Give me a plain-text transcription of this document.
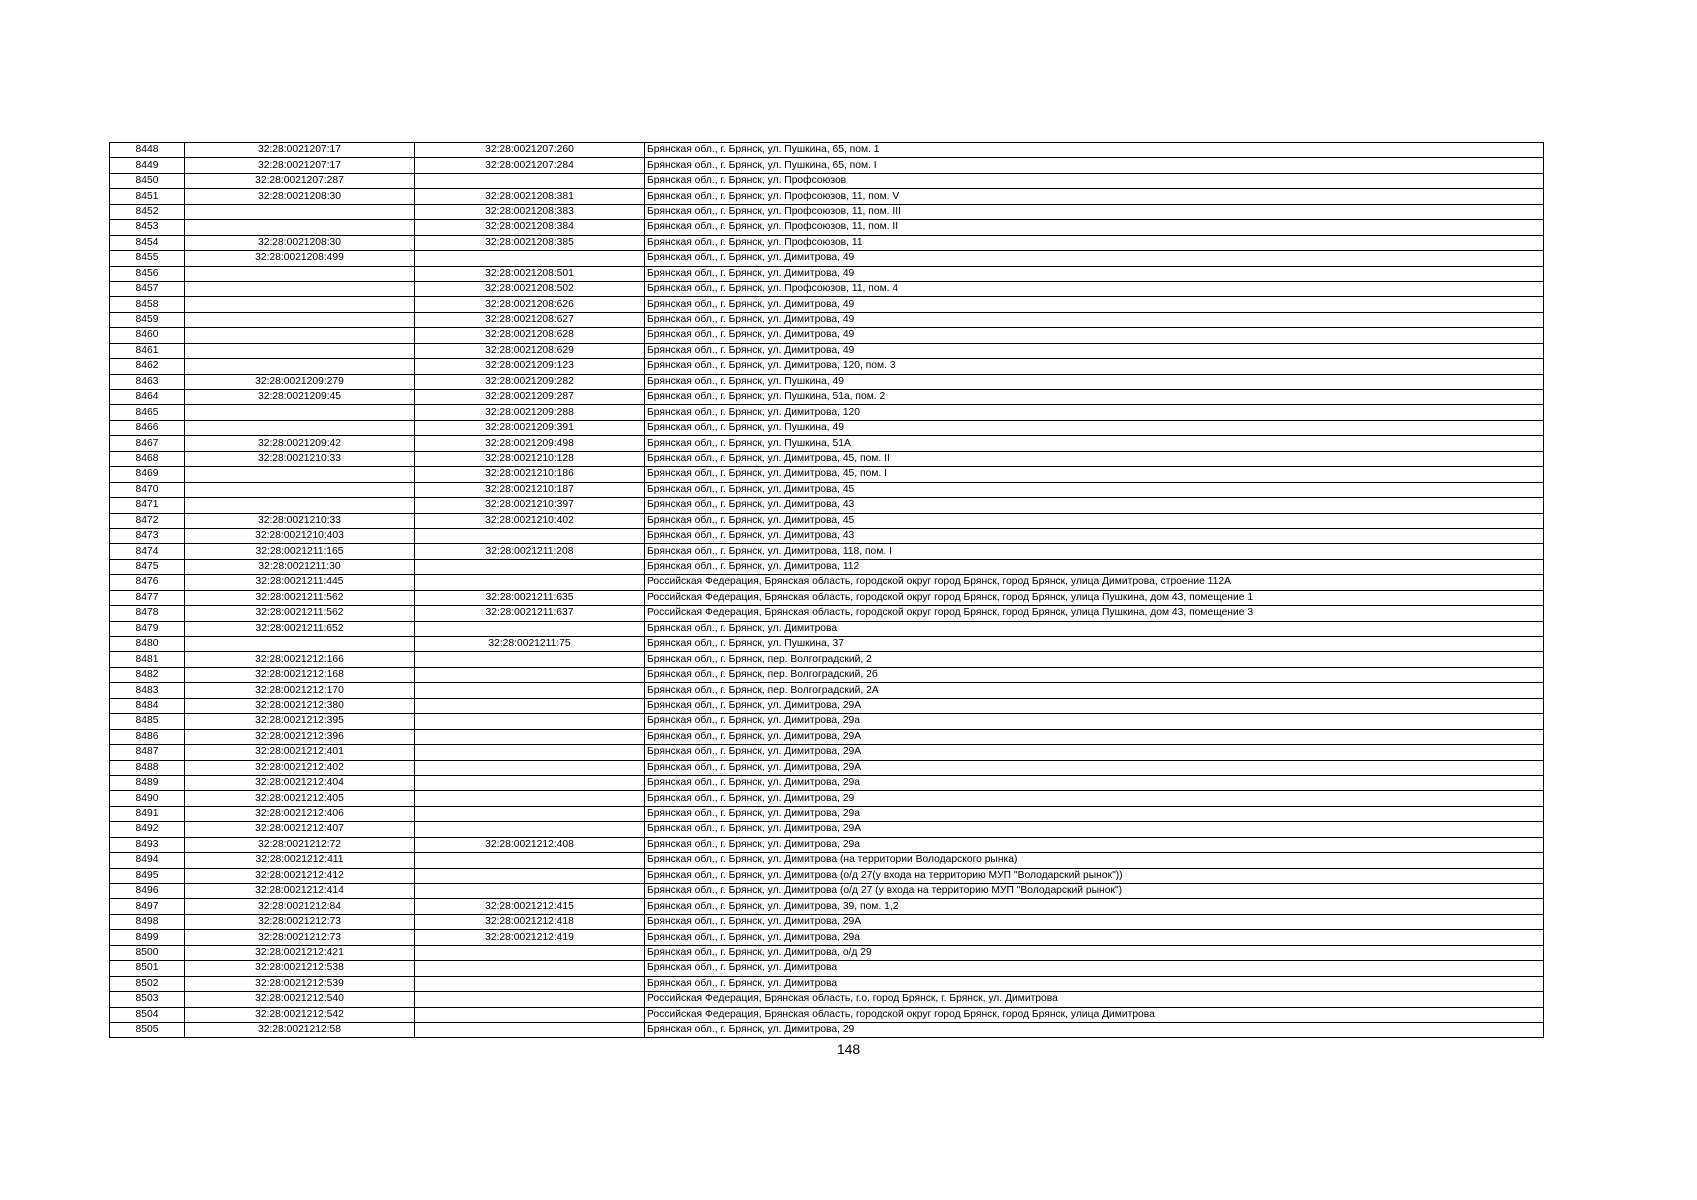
8448	32:28:0021207:17	32:28:0021207:260	Брянская обл., г. Брянск, ул. Пушкина, 65, пом. 1
8449	32:28:0021207:17	32:28:0021207:284	Брянская обл., г. Брянск, ул. Пушкина, 65, пом. I
8450	32:28:0021207:287		Брянская обл., г. Брянск, ул. Профсоюзов
8451	32:28:0021208:30	32:28:0021208:381	Брянская обл., г. Брянск, ул. Профсоюзов, 11, пом. V
8452		32:28:0021208:383	Брянская обл., г. Брянск, ул. Профсоюзов, 11, пом. III
8453		32:28:0021208:384	Брянская обл., г. Брянск, ул. Профсоюзов, 11, пом. II
8454	32:28:0021208:30	32:28:0021208:385	Брянская обл., г. Брянск, ул. Профсоюзов, 11
8455	32:28:0021208:499		Брянская обл., г. Брянск, ул. Димитрова, 49
8456		32:28:0021208:501	Брянская обл., г. Брянск, ул. Димитрова, 49
8457		32:28:0021208:502	Брянская обл., г. Брянск, ул. Профсоюзов, 11, пом. 4
8458		32:28:0021208:626	Брянская обл., г. Брянск, ул. Димитрова, 49
8459		32:28:0021208:627	Брянская обл., г. Брянск, ул. Димитрова, 49
8460		32:28:0021208:628	Брянская обл., г. Брянск, ул. Димитрова, 49
8461		32:28:0021208:629	Брянская обл., г. Брянск, ул. Димитрова, 49
8462		32:28:0021209:123	Брянская обл., г. Брянск, ул. Димитрова, 120, пом. 3
8463	32:28:0021209:279	32:28:0021209:282	Брянская обл., г. Брянск, ул. Пушкина, 49
8464	32:28:0021209:45	32:28:0021209:287	Брянская обл., г. Брянск, ул. Пушкина, 51а, пом. 2
8465		32:28:0021209:288	Брянская обл., г. Брянск, ул. Димитрова, 120
8466		32:28:0021209:391	Брянская обл., г. Брянск, ул. Пушкина, 49
8467	32:28:0021209:42	32:28:0021209:498	Брянская обл., г. Брянск, ул. Пушкина, 51А
8468	32:28:0021210:33	32:28:0021210:128	Брянская обл., г. Брянск, ул. Димитрова, 45, пом. II
8469		32:28:0021210:186	Брянская обл., г. Брянск, ул. Димитрова, 45, пом. I
8470		32:28:0021210:187	Брянская обл., г. Брянск, ул. Димитрова, 45
8471		32:28:0021210:397	Брянская обл., г. Брянск, ул. Димитрова, 43
8472	32:28:0021210:33	32:28:0021210:402	Брянская обл., г. Брянск, ул. Димитрова, 45
8473	32:28:0021210:403		Брянская обл., г. Брянск, ул. Димитрова, 43
8474	32:28:0021211:165	32:28:0021211:208	Брянская обл., г. Брянск, ул. Димитрова, 118, пом. I
8475	32:28:0021211:30		Брянская обл., г. Брянск, ул. Димитрова, 112
8476	32:28:0021211:445		Российская Федерация, Брянская область, городской округ город Брянск, город Брянск, улица Димитрова, строение 112А
8477	32:28:0021211:562	32:28:0021211:635	Российская Федерация, Брянская область, городской округ город Брянск, город Брянск, улица Пушкина, дом 43, помещение 1
8478	32:28:0021211:562	32:28:0021211:637	Российская Федерация, Брянская область, городской округ город Брянск, город Брянск, улица Пушкина, дом 43, помещение 3
8479	32:28:0021211:652		Брянская обл., г. Брянск, ул. Димитрова
8480		32:28:0021211:75	Брянская обл., г. Брянск, ул. Пушкина, 37
8481	32:28:0021212:166		Брянская обл., г. Брянск, пер. Волгоградский, 2
8482	32:28:0021212:168		Брянская обл., г. Брянск, пер. Волгоградский, 2б
8483	32:28:0021212:170		Брянская обл., г. Брянск, пер. Волгоградский, 2А
8484	32:28:0021212:380		Брянская обл., г. Брянск, ул. Димитрова, 29А
8485	32:28:0021212:395		Брянская обл., г. Брянск, ул. Димитрова, 29а
8486	32:28:0021212:396		Брянская обл., г. Брянск, ул. Димитрова, 29А
8487	32:28:0021212:401		Брянская обл., г. Брянск, ул. Димитрова, 29А
8488	32:28:0021212:402		Брянская обл., г. Брянск, ул. Димитрова, 29А
8489	32:28:0021212:404		Брянская обл., г. Брянск, ул. Димитрова, 29а
8490	32:28:0021212:405		Брянская обл., г. Брянск, ул. Димитрова, 29
8491	32:28:0021212:406		Брянская обл., г. Брянск, ул. Димитрова, 29а
8492	32:28:0021212:407		Брянская обл., г. Брянск, ул. Димитрова, 29А
8493	32:28:0021212:72	32:28:0021212:408	Брянская обл., г. Брянск, ул. Димитрова, 29а
8494	32:28:0021212:411		Брянская обл., г. Брянск, ул. Димитрова (на территории Володарского рынка)
8495	32:28:0021212:412		Брянская обл., г. Брянск, ул. Димитрова (о/д 27(у входа на территорию МУП "Володарский рынок"))
8496	32:28:0021212:414		Брянская обл., г. Брянск, ул. Димитрова (о/д 27 (у входа на территорию МУП "Володарский рынок")
8497	32:28:0021212:84	32:28:0021212:415	Брянская обл., г. Брянск, ул. Димитрова, 39, пом. 1,2
8498	32:28:0021212:73	32:28:0021212:418	Брянская обл., г. Брянск, ул. Димитрова, 29А
8499	32:28:0021212:73	32:28:0021212:419	Брянская обл., г. Брянск, ул. Димитрова, 29а
8500	32:28:0021212:421		Брянская обл., г. Брянск, ул. Димитрова, о/д 29
8501	32:28:0021212:538		Брянская обл., г. Брянск, ул. Димитрова
8502	32:28:0021212:539		Брянская обл., г. Брянск, ул. Димитрова
8503	32:28:0021212:540		Российская Федерация, Брянская область, г.о. город Брянск, г. Брянск, ул. Димитрова
8504	32:28:0021212:542		Российская Федерация, Брянская область, городской округ город Брянск, город Брянск, улица Димитрова
8505	32:28:0021212:58		Брянская обл., г. Брянск, ул. Димитрова, 29
148
